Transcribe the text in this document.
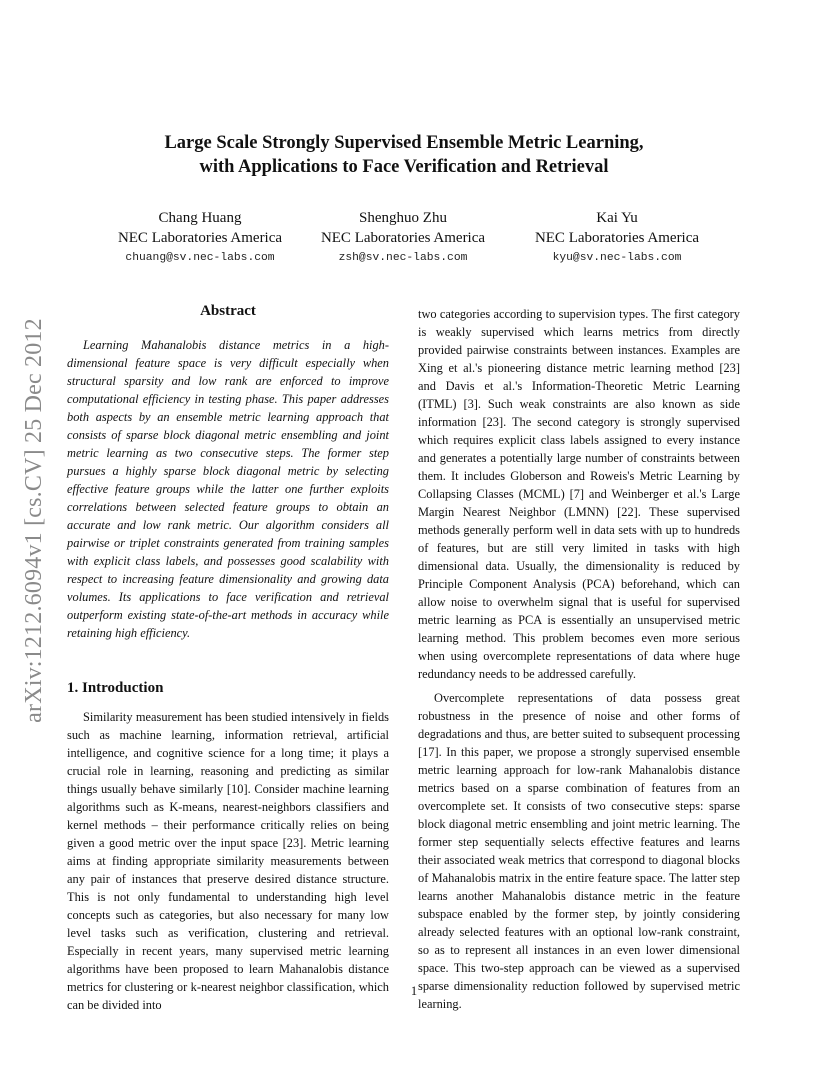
arXiv:1212.6094v1 [cs.CV] 25 Dec 2012
Large Scale Strongly Supervised Ensemble Metric Learning,
with Applications to Face Verification and Retrieval
Chang Huang
NEC Laboratories America
chuang@sv.nec-labs.com
Shenghuo Zhu
NEC Laboratories America
zsh@sv.nec-labs.com
Kai Yu
NEC Laboratories America
kyu@sv.nec-labs.com
Abstract

Learning Mahanalobis distance metrics in a high-dimensional feature space is very difficult especially when structural sparsity and low rank are enforced to improve computational efficiency in testing phase. This paper addresses both aspects by an ensemble metric learning approach that consists of sparse block diagonal metric ensembling and joint metric learning as two consecutive steps. The former step pursues a highly sparse block diagonal metric by selecting effective feature groups while the latter one further exploits correlations between selected feature groups to obtain an accurate and low rank metric. Our algorithm considers all pairwise or triplet constraints generated from training samples with explicit class labels, and possesses good scalability with respect to increasing feature dimensionality and growing data volumes. Its applications to face verification and retrieval outperform existing state-of-the-art methods in accuracy while retaining high efficiency.

1. Introduction

Similarity measurement has been studied intensively in fields such as machine learning, information retrieval, artificial intelligence, and cognitive science for a long time; it plays a crucial role in learning, reasoning and predicting as similar things usually behave similarly [10]. Consider machine learning algorithms such as K-means, nearest-neighbors classifiers and kernel methods – their performance critically relies on being given a good metric over the input space [23]. Metric learning aims at finding appropriate similarity measurements between any pair of instances that preserve desired distance structure. This is not only fundamental to understanding high level concepts such as categories, but also necessary for many low level tasks such as verification, clustering and retrieval. Especially in recent years, many supervised metric learning algorithms have been proposed to learn Mahanalobis distance metrics for clustering or k-nearest neighbor classification, which can be divided into

two categories according to supervision types. The first category is weakly supervised which learns metrics from directly provided pairwise constraints between instances. Examples are Xing et al.'s pioneering distance metric learning method [23] and Davis et al.'s Information-Theoretic Metric Learning (ITML) [3]. Such weak constraints are also known as side information [23]. The second category is strongly supervised which requires explicit class labels assigned to every instance and generates a potentially large number of constraints between them. It includes Globerson and Roweis's Metric Learning by Collapsing Classes (MCML) [7] and Weinberger et al.'s Large Margin Nearest Neighbor (LMNN) [22]. These supervised methods generally perform well in data sets with up to hundreds of features, but are still very limited in tasks with high dimensional data. Usually, the dimensionality is reduced by Principle Component Analysis (PCA) beforehand, which can allow noise to overwhelm signal that is useful for supervised metric learning as PCA is essentially an unsupervised metric learning method. This problem becomes even more serious when using overcomplete representations of data where huge redundancy needs to be addressed carefully.

Overcomplete representations of data possess great robustness in the presence of noise and other forms of degradations and thus, are better suited to subsequent processing [17]. In this paper, we propose a strongly supervised ensemble metric learning approach for low-rank Mahanalobis distance metrics based on a sparse combination of features from an overcomplete set. It consists of two consecutive steps: sparse block diagonal metric ensembling and joint metric learning. The former step sequentially selects effective features and learns their associated weak metrics that correspond to diagonal blocks of Mahanalobis matrix in the entire feature space. The latter step learns another Mahanalobis distance metric in the feature subspace enabled by the former step, by jointly considering already selected features with an optional low-rank constraint, so as to represent all instances in an even lower dimensional space. This two-step approach can be viewed as a supervised sparse dimensionality reduction followed by supervised metric learning.

1
